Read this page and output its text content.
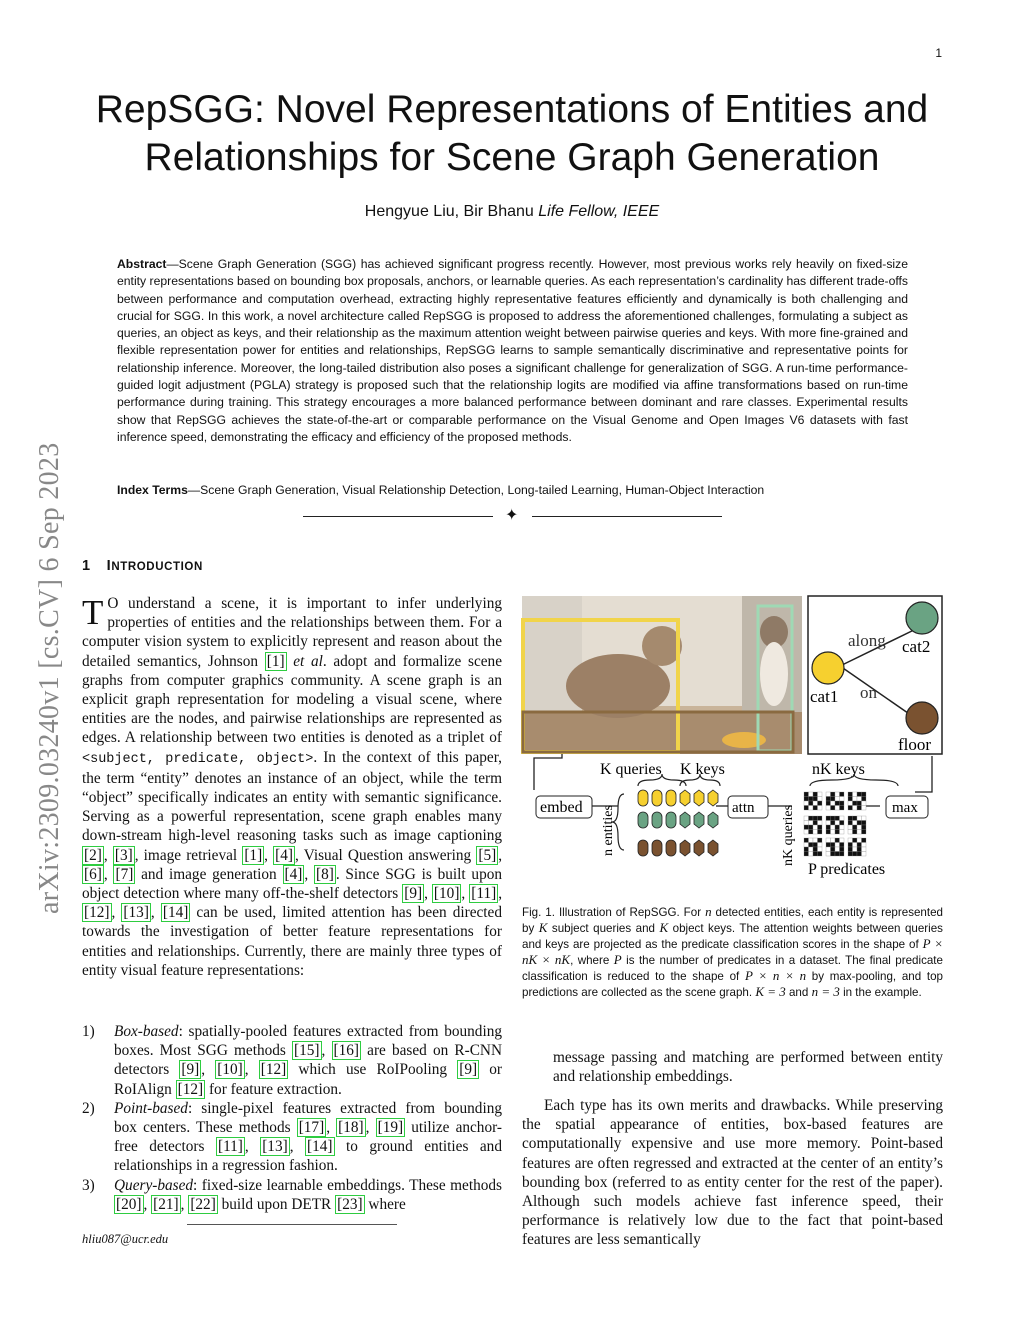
1
RepSGG: Novel Representations of Entities and
Relationships for Scene Graph Generation
Hengyue Liu, Bir Bhanu Life Fellow, IEEE

Abstract—Scene Graph Generation (SGG) has achieved significant progress recently. However, most previous works rely heavily on fixed-size entity representations based on bounding box proposals, anchors, or learnable queries. As each representation’s cardinality has different trade-offs between performance and computation overhead, extracting highly representative features efficiently and dynamically is both challenging and crucial for SGG. In this work, a novel architecture called RepSGG is proposed to address the aforementioned challenges, formulating a subject as queries, an object as keys, and their relationship as the maximum attention weight between pairwise queries and keys. With more fine-grained and flexible representation power for entities and relationships, RepSGG learns to sample semantically discriminative and representative points for relationship inference. Moreover, the long-tailed distribution also poses a significant challenge for generalization of SGG. A run-time performance-guided logit adjustment (PGLA) strategy is proposed such that the relationship logits are modified via affine transformations based on run-time performance during training. This strategy encourages a more balanced performance between dominant and rare classes. Experimental results show that RepSGG achieves the state-of-the-art or comparable performance on the Visual Genome and Open Images V6 datasets with fast inference speed, demonstrating the efficacy and efficiency of the proposed methods.

Index Terms—Scene Graph Generation, Visual Relationship Detection, Long-tailed Learning, Human-Object Interaction

✦
arXiv:2309.03240v1 [cs.CV] 6 Sep 2023 1 INTRODUCTION

T O understand a scene, it is important to infer underlying properties of entities and the relationships between them. For a computer vision system to explicitly represent and reason about the detailed semantics, Johnson [1] et al. adopt and formalize scene graphs from computer graphics community. A scene graph is an explicit graph representation for modeling a visual scene, where entities are the nodes, and pairwise relationships are represented as edges. A relationship between two entities is denoted as a triplet of <subject, predicate, object>. In the context of this paper, the term “entity” denotes an instance of an object, while the term “object” specifically indicates an entity with semantic significance. Serving as a powerful representation, scene graph enables many down-stream high-level reasoning tasks such as image captioning [2] , [3] , image retrieval [1] , [4] , Visual Question answering [5] , [6] , [7] and image generation [4] , [8] . Since SGG is built upon object detection where many off-the-shelf detectors [9] , [10] , [11] , [12] , [13] , [14] can be used, limited attention has been directed towards the investigation of better feature representations for entities and relationships. Currently, there are mainly three types of entity visual feature representations:

1) Box-based: spatially-pooled features extracted from bounding boxes. Most SGG methods [15] , [16] are based on R-CNN detectors [9] , [10] , [12] which use RoIPooling [9] or RoIAlign [12] for feature extraction.
2) Point-based: single-pixel features extracted from bounding box centers. These methods [17] , [18] , [19] utilize anchor-free detectors [11] , [13] , [14] to ground entities and relationships in a regression fashion.
3) Query-based: fixed-size learnable embeddings. These methods [20] , [21] , [22] build upon DETR [23] where
hliu087@ucr.edu
cat1
cat2
floor
along
on
embed	attn	max
K queries K keys	nK keys
P predicates
n entities	nK queries

Fig. 1. Illustration of RepSGG. For n detected entities, each entity is represented by K subject queries and K object keys. The attention weights between queries and keys are projected as the predicate classification scores in the shape of P × nK × nK, where P is the number of predicates in a dataset. The final predicate classification is reduced to the shape of P × n × n by max-pooling, and top predictions are collected as the scene graph. K = 3 and n = 3 in the example.

message passing and matching are performed between entity and relationship embeddings.

Each type has its own merits and drawbacks. While preserving the spatial appearance of entities, box-based features are computationally expensive and use more memory. Point-based features are often regressed and extracted at the center of an entity’s bounding box (referred to as entity center for the rest of the paper). Although such models achieve fast inference speed, their performance is relatively low due to the fact that point-based features are less semantically
